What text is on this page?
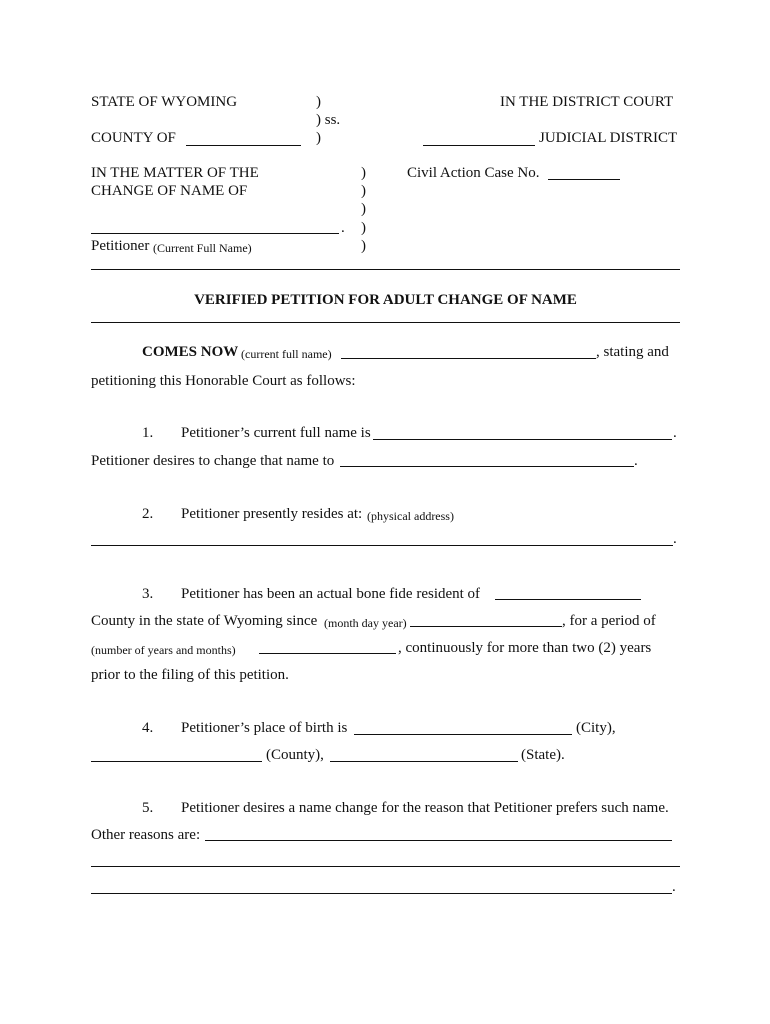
STATE OF WYOMING	)
) ss.
)
IN THE DISTRICT COURT
COUNTY OF	JUDICIAL DISTRICT
IN THE MATTER OF THE
CHANGE OF NAME OF
)
)
)
)
)
Civil Action Case No.
.
Petitioner (Current Full Name)
VERIFIED PETITION FOR ADULT CHANGE OF NAME
COMES NOW (current full name)	, stating and
petitioning this Honorable Court as follows:
1. Petitioner’s current full name is	.
Petitioner desires to change that name to	.
2. Petitioner presently resides at: (physical address)
.
3. Petitioner has been an actual bone fide resident of
County in the state of Wyoming since (month day year)	, for a period of
(number of years and months)	, continuously for more than two (2) years
prior to the filing of this petition.
4. Petitioner’s place of birth is	(City),
(County),	(State).
5. Petitioner desires a name change for the reason that Petitioner prefers such name.
Other reasons are:
.
